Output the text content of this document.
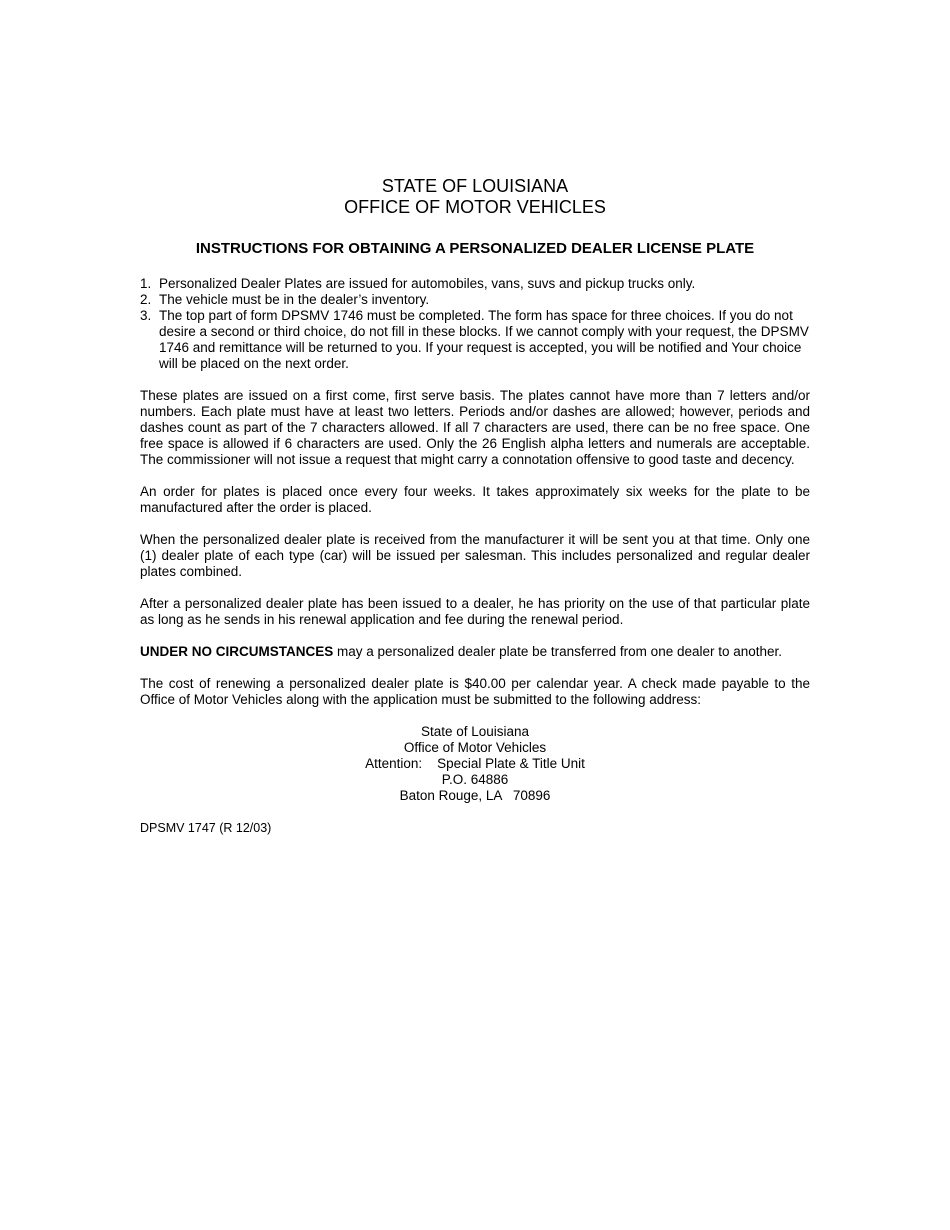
STATE OF LOUISIANA
OFFICE OF MOTOR VEHICLES
INSTRUCTIONS FOR OBTAINING A PERSONALIZED DEALER LICENSE PLATE
1. Personalized Dealer Plates are issued for automobiles, vans, suvs and pickup trucks only.
2. The vehicle must be in the dealer’s inventory.
3. The top part of form DPSMV 1746 must be completed. The form has space for three choices. If you do not desire a second or third choice, do not fill in these blocks. If we cannot comply with your request, the DPSMV 1746 and remittance will be returned to you. If your request is accepted, you will be notified and Your choice will be placed on the next order.

These plates are issued on a first come, first serve basis. The plates cannot have more than 7 letters and/or numbers. Each plate must have at least two letters. Periods and/or dashes are allowed; however, periods and dashes count as part of the 7 characters allowed. If all 7 characters are used, there can be no free space. One free space is allowed if 6 characters are used. Only the 26 English alpha letters and numerals are acceptable. The commissioner will not issue a request that might carry a connotation offensive to good taste and decency.

An order for plates is placed once every four weeks. It takes approximately six weeks for the plate to be manufactured after the order is placed.

When the personalized dealer plate is received from the manufacturer it will be sent you at that time. Only one (1) dealer plate of each type (car) will be issued per salesman. This includes personalized and regular dealer plates combined.

After a personalized dealer plate has been issued to a dealer, he has priority on the use of that particular plate as long as he sends in his renewal application and fee during the renewal period.

UNDER NO CIRCUMSTANCES may a personalized dealer plate be transferred from one dealer to another.

The cost of renewing a personalized dealer plate is $40.00 per calendar year. A check made payable to the Office of Motor Vehicles along with the application must be submitted to the following address:

State of Louisiana
Office of Motor Vehicles
Attention:    Special Plate & Title Unit
P.O. 64886
Baton Rouge, LA   70896
DPSMV 1747 (R 12/03)
